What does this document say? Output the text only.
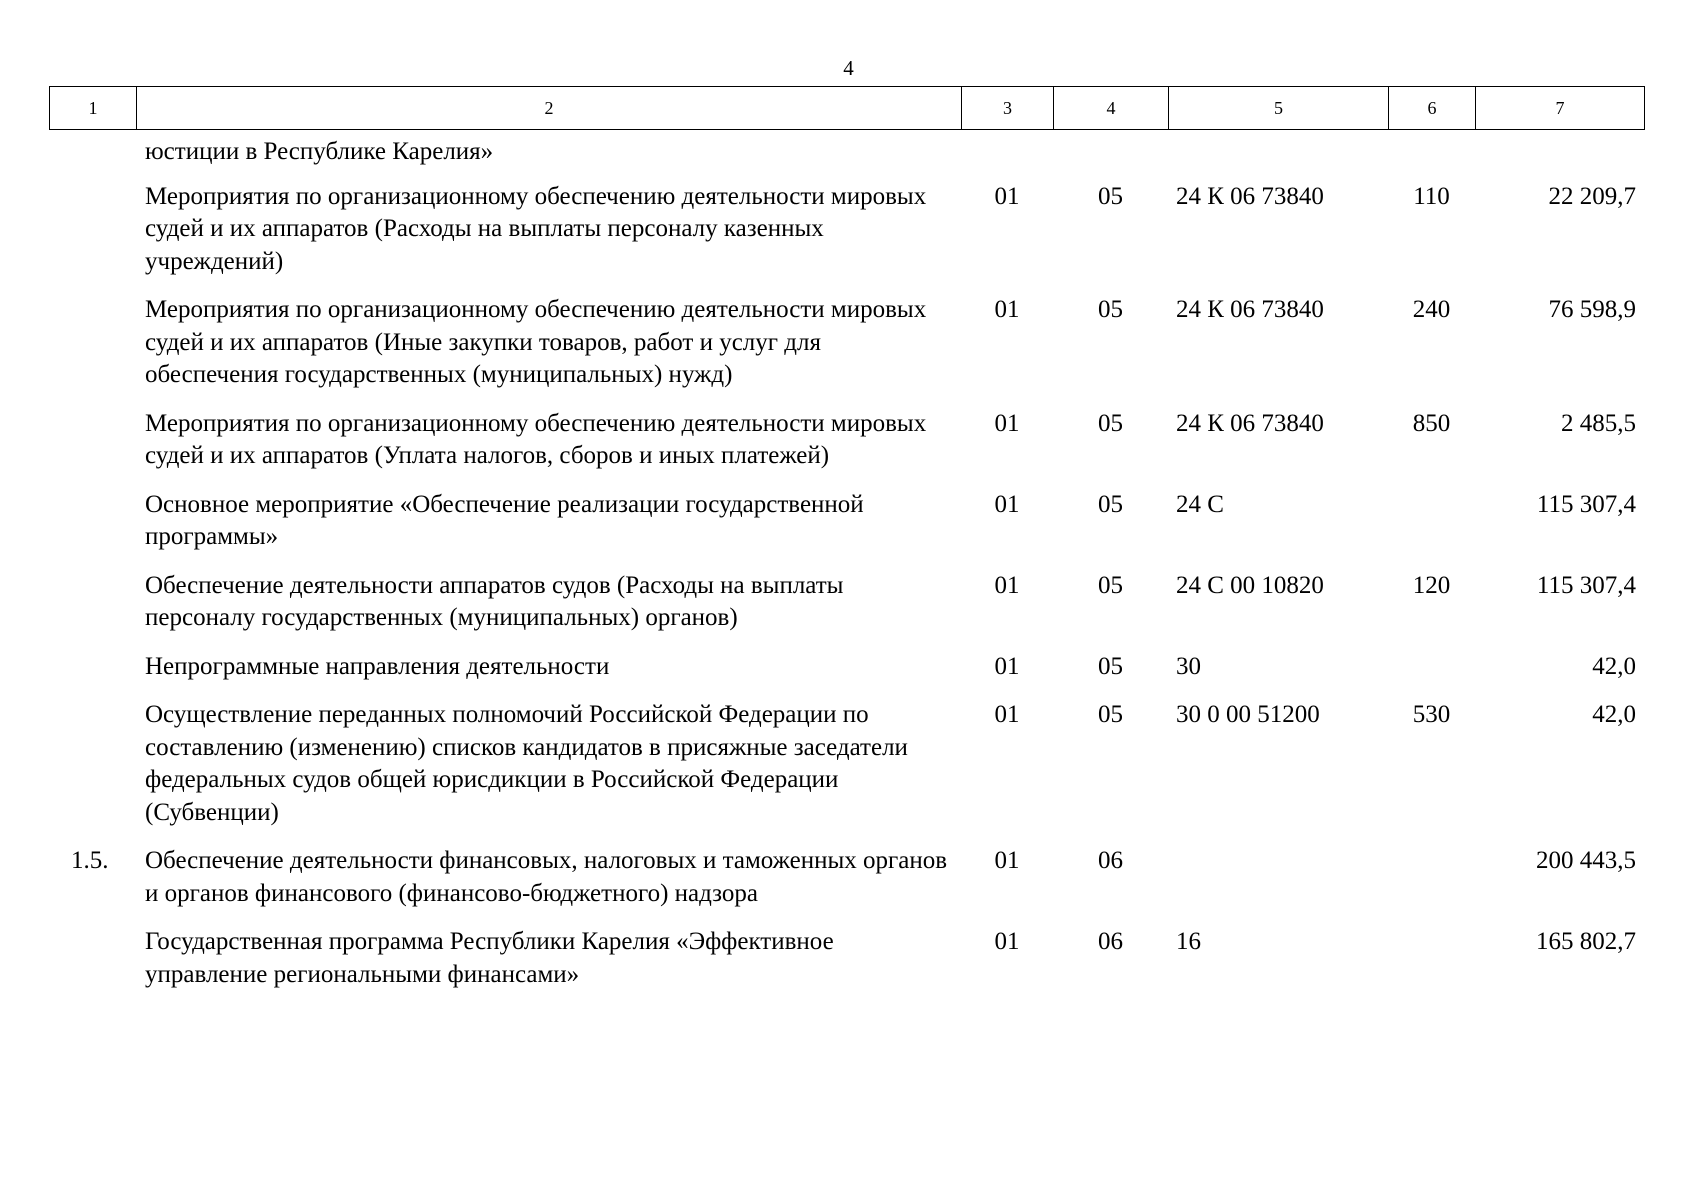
4
1	2	3	4	5	6	7
	юстиции в Республике Карелия»					
	Мероприятия по организационному обеспечению деятельности мировых судей и их аппаратов (Расходы на выплаты персоналу казенных учреждений)	01	05	24 К 06 73840	110	22 209,7
	Мероприятия по организационному обеспечению деятельности мировых судей и их аппаратов (Иные закупки товаров, работ и услуг для обеспечения государственных (муниципальных) нужд)	01	05	24 К 06 73840	240	76 598,9
	Мероприятия по организационному обеспечению деятельности мировых судей и их аппаратов (Уплата налогов, сборов и иных платежей)	01	05	24 К 06 73840	850	2 485,5
	Основное мероприятие «Обеспечение реализации государственной программы»	01	05	24 С		115 307,4
	Обеспечение деятельности аппаратов судов (Расходы на выплаты персоналу государственных (муниципальных) органов)	01	05	24 С 00 10820	120	115 307,4
	Непрограммные направления деятельности	01	05	30		42,0
	Осуществление переданных полномочий Российской Федерации по составлению (изменению) списков кандидатов в присяжные заседатели федеральных судов общей юрисдикции в Российской Федерации (Субвенции)	01	05	30 0 00 51200	530	42,0
1.5.	Обеспечение деятельности финансовых, налоговых и таможенных органов и органов финансового (финансово-бюджетного) надзора	01	06			200 443,5
	Государственная программа Республики Карелия «Эффективное управление региональными финансами»	01	06	16		165 802,7
